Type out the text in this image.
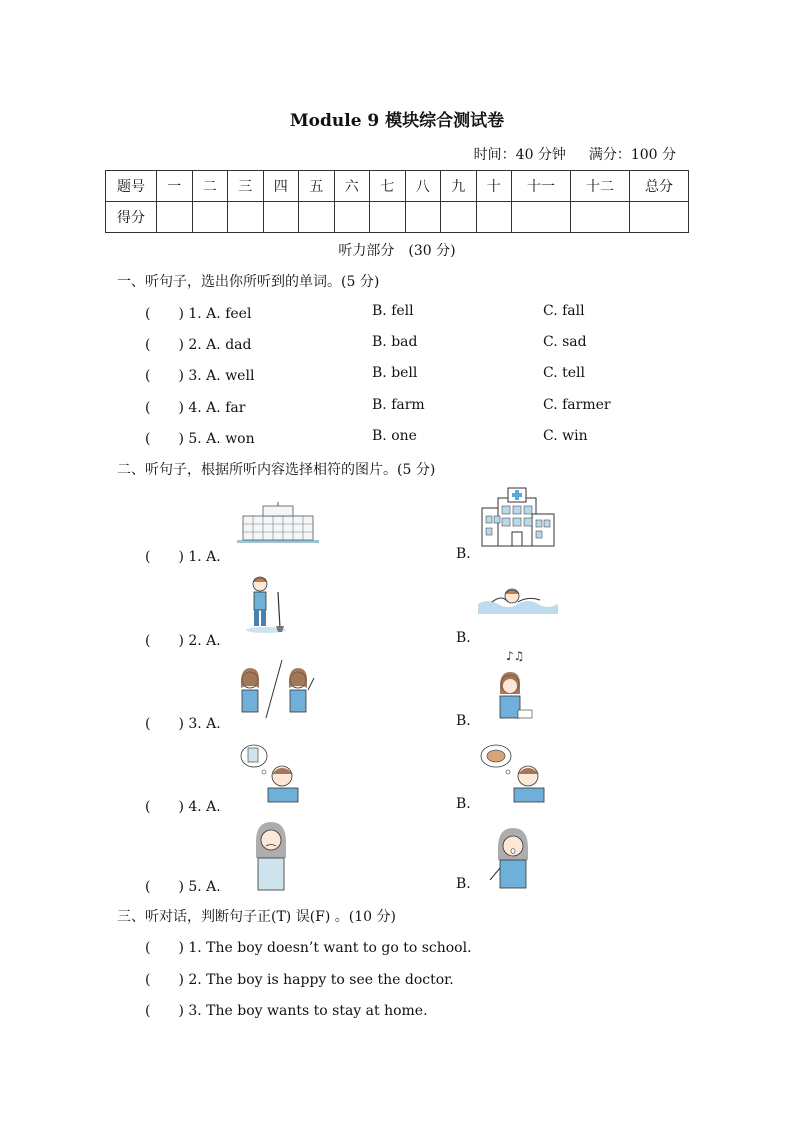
Module 9 模块综合测试卷
时间：40 分钟 满分：100 分
题号	一	二	三	四	五	六	七	八	九	十	十一	十二	总分
得分													
听力部分　(30 分)
一、听句子，选出你所听到的单词。(5 分)
(　　) 1. A. feel	B. fell	C. fall
(　　) 2. A. dad	B. bad	C. sad
(　　) 3. A. well	B. bell	C. tell
(　　) 4. A. far	B. farm	C. farmer
(　　) 5. A. won	B. one	C. win
二、听句子，根据所听内容选择相符的图片。(5 分)
(　　) 1. A.	B.
(　　) 2. A.	B.
(　　) 3. A.	B.
♪♫
(　　) 4. A.	B.
(　　) 5. A.	B.
三、听对话，判断句子正(T) 误(F) 。(10 分)
(　　) 1. The boy doesn’t want to go to school.
(　　) 2. The boy is happy to see the doctor.
(　　) 3. The boy wants to stay at home.
